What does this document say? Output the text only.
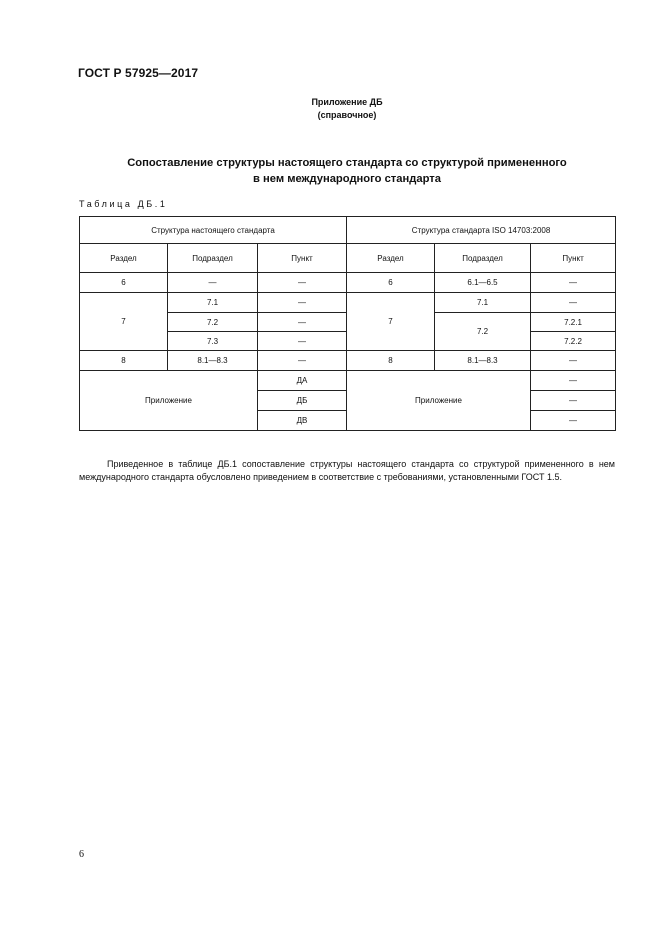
ГОСТ Р 57925—2017
Приложение ДБ
(справочное)
Сопоставление структуры настоящего стандарта со структурой примененного
в нем международного стандарта
Таблица ДБ.1
Структура настоящего стандарта			Структура стандарта ISO 14703:2008		
Раздел	Подраздел	Пункт	Раздел	Подраздел	Пункт
6	—	—	6	6.1—6.5	—
7	7.1	—	7	7.1	—
	7.2	—		7.2	7.2.1
	7.3	—			7.2.2
8	8.1—8.3	—	8	8.1—8.3	—
Приложение		ДА	Приложение		—
		ДБ			—
		ДВ			—

Приведенное в таблице ДБ.1 сопоставление структуры настоящего стандарта со структурой примененного в нем международного стандарта обусловлено приведением в соответствие с требованиями, установленными ГОСТ 1.5.

6
